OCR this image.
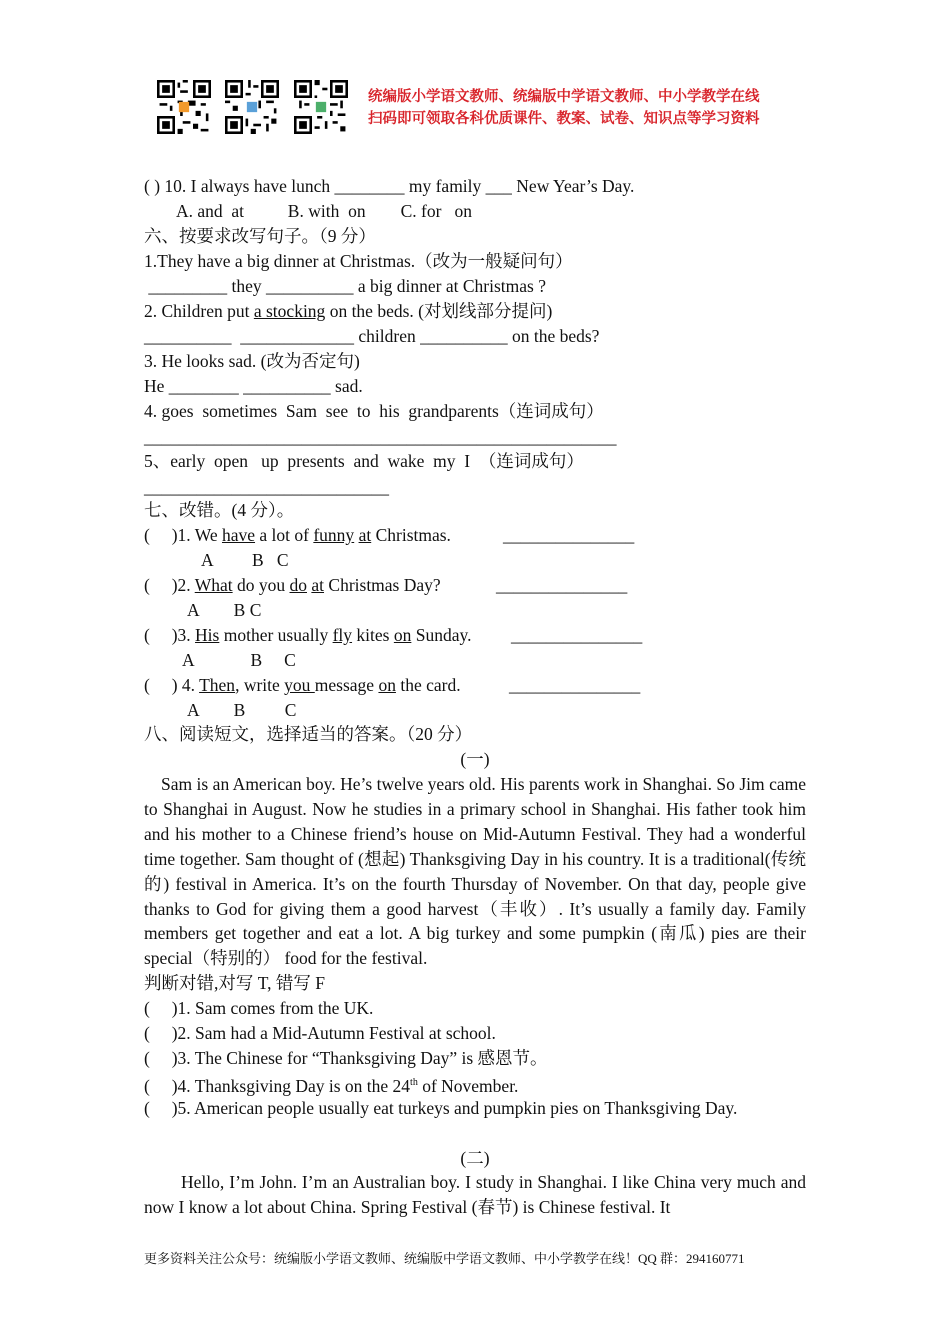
统编版小学语文教师、统编版中学语文教师、中小学教学在线
扫码即可领取各科优质课件、教案、试卷、知识点等学习资料
( ) 10. I always have lunch ________ my family ___ New Year’s Day.
A. and  at          B. with  on        C. for   on
六、按要求改写句子。（9 分）
1.They have a big dinner at Christmas.（改为一般疑问句）
_________ they __________ a big dinner at Christmas ?
2. Children put a stocking on the beds. (对划线部分提问)
__________  _____________ children __________ on the beds?
3. He looks sad. (改为否定句)
He ________ __________ sad.
4. goes  sometimes  Sam  see  to  his  grandparents（连词成句）
______________________________________________________
5、early  open   up  presents  and  wake  my  I  （连词成句）
____________________________
七、改错。(4 分）。
(     )1. We have a lot of funny at Christmas.	_______________
A         B   C
(     )2. What do you do at Christmas Day?	_______________
A        B C
(     )3. His mother usually fly kites on Sunday. _______________
A             B     C
(     ) 4. Then, write you message on the card.	_______________
A        B         C
八、阅读短文，选择适当的答案。（20 分）
(一)
Sam is an American boy. He’s twelve years old. His parents work in Shanghai. So Jim came to Shanghai in August. Now he studies in a primary school in Shanghai. His father took him and his mother to a Chinese friend’s house on Mid-Autumn Festival. They had a wonderful time together. Sam thought of (想起) Thanksgiving Day in his country. It is a traditional(传统的) festival in America. It’s on the fourth Thursday of November. On that day, people give thanks to God for giving them a good harvest（丰收）. It’s usually a family day. Family members get together and eat a lot. A big turkey and some pumpkin (南瓜) pies are their special（特别的） food for the festival.
判断对错,对写 T, 错写 F
(     )1. Sam comes from the UK.
(     )2. Sam had a Mid-Autumn Festival at school.
(     )3. The Chinese for “Thanksgiving Day” is 感恩节。
(     )4. Thanksgiving Day is on the 24th of November.
(     )5. American people usually eat turkeys and pumpkin pies on Thanksgiving Day.
(二)
Hello, I’m John. I’m an Australian boy. I study in Shanghai. I like China very much and now I know a lot about China. Spring Festival (春节) is Chinese festival. It
更多资料关注公众号：统编版小学语文教师、统编版中学语文教师、中小学教学在线！QQ 群：294160771
